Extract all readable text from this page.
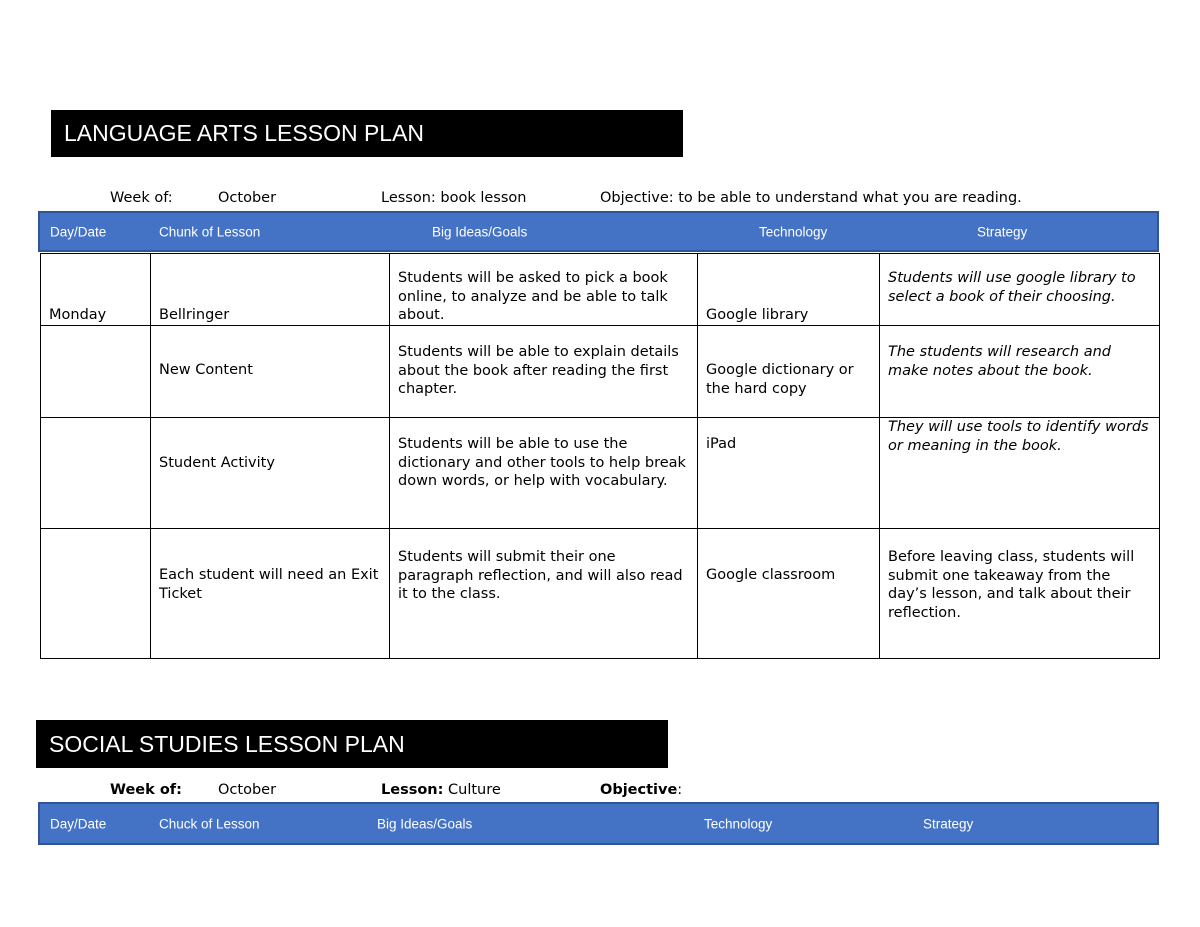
LANGUAGE ARTS LESSON PLAN
Week of:	October	Lesson: book lesson	Objective: to be able to understand what you are reading.
Day/Date	Chunk of Lesson	Big Ideas/Goals	Technology	Strategy
Monday	Bellringer	Students will be asked to pick a book online, to analyze and be able to talk about.	Google library	Students will use google library to select a book of their choosing.
	New Content	Students will be able to explain details about the book after reading the first chapter.	Google dictionary or the hard copy	The students will research and make notes about the book.
	Student Activity	Students will be able to use the dictionary and other tools to help break down words, or help with vocabulary.	iPad	They will use tools to identify words or meaning in the book.
	Each student will need an Exit Ticket	Students will submit their one paragraph reflection, and will also read it to the class.	Google classroom	Before leaving class, students will submit one takeaway from the day’s lesson, and talk about their reflection.
SOCIAL STUDIES LESSON PLAN
Week of: October	Lesson: Culture	Objective:
Day/Date	Chuck of Lesson	Big Ideas/Goals	Technology	Strategy
